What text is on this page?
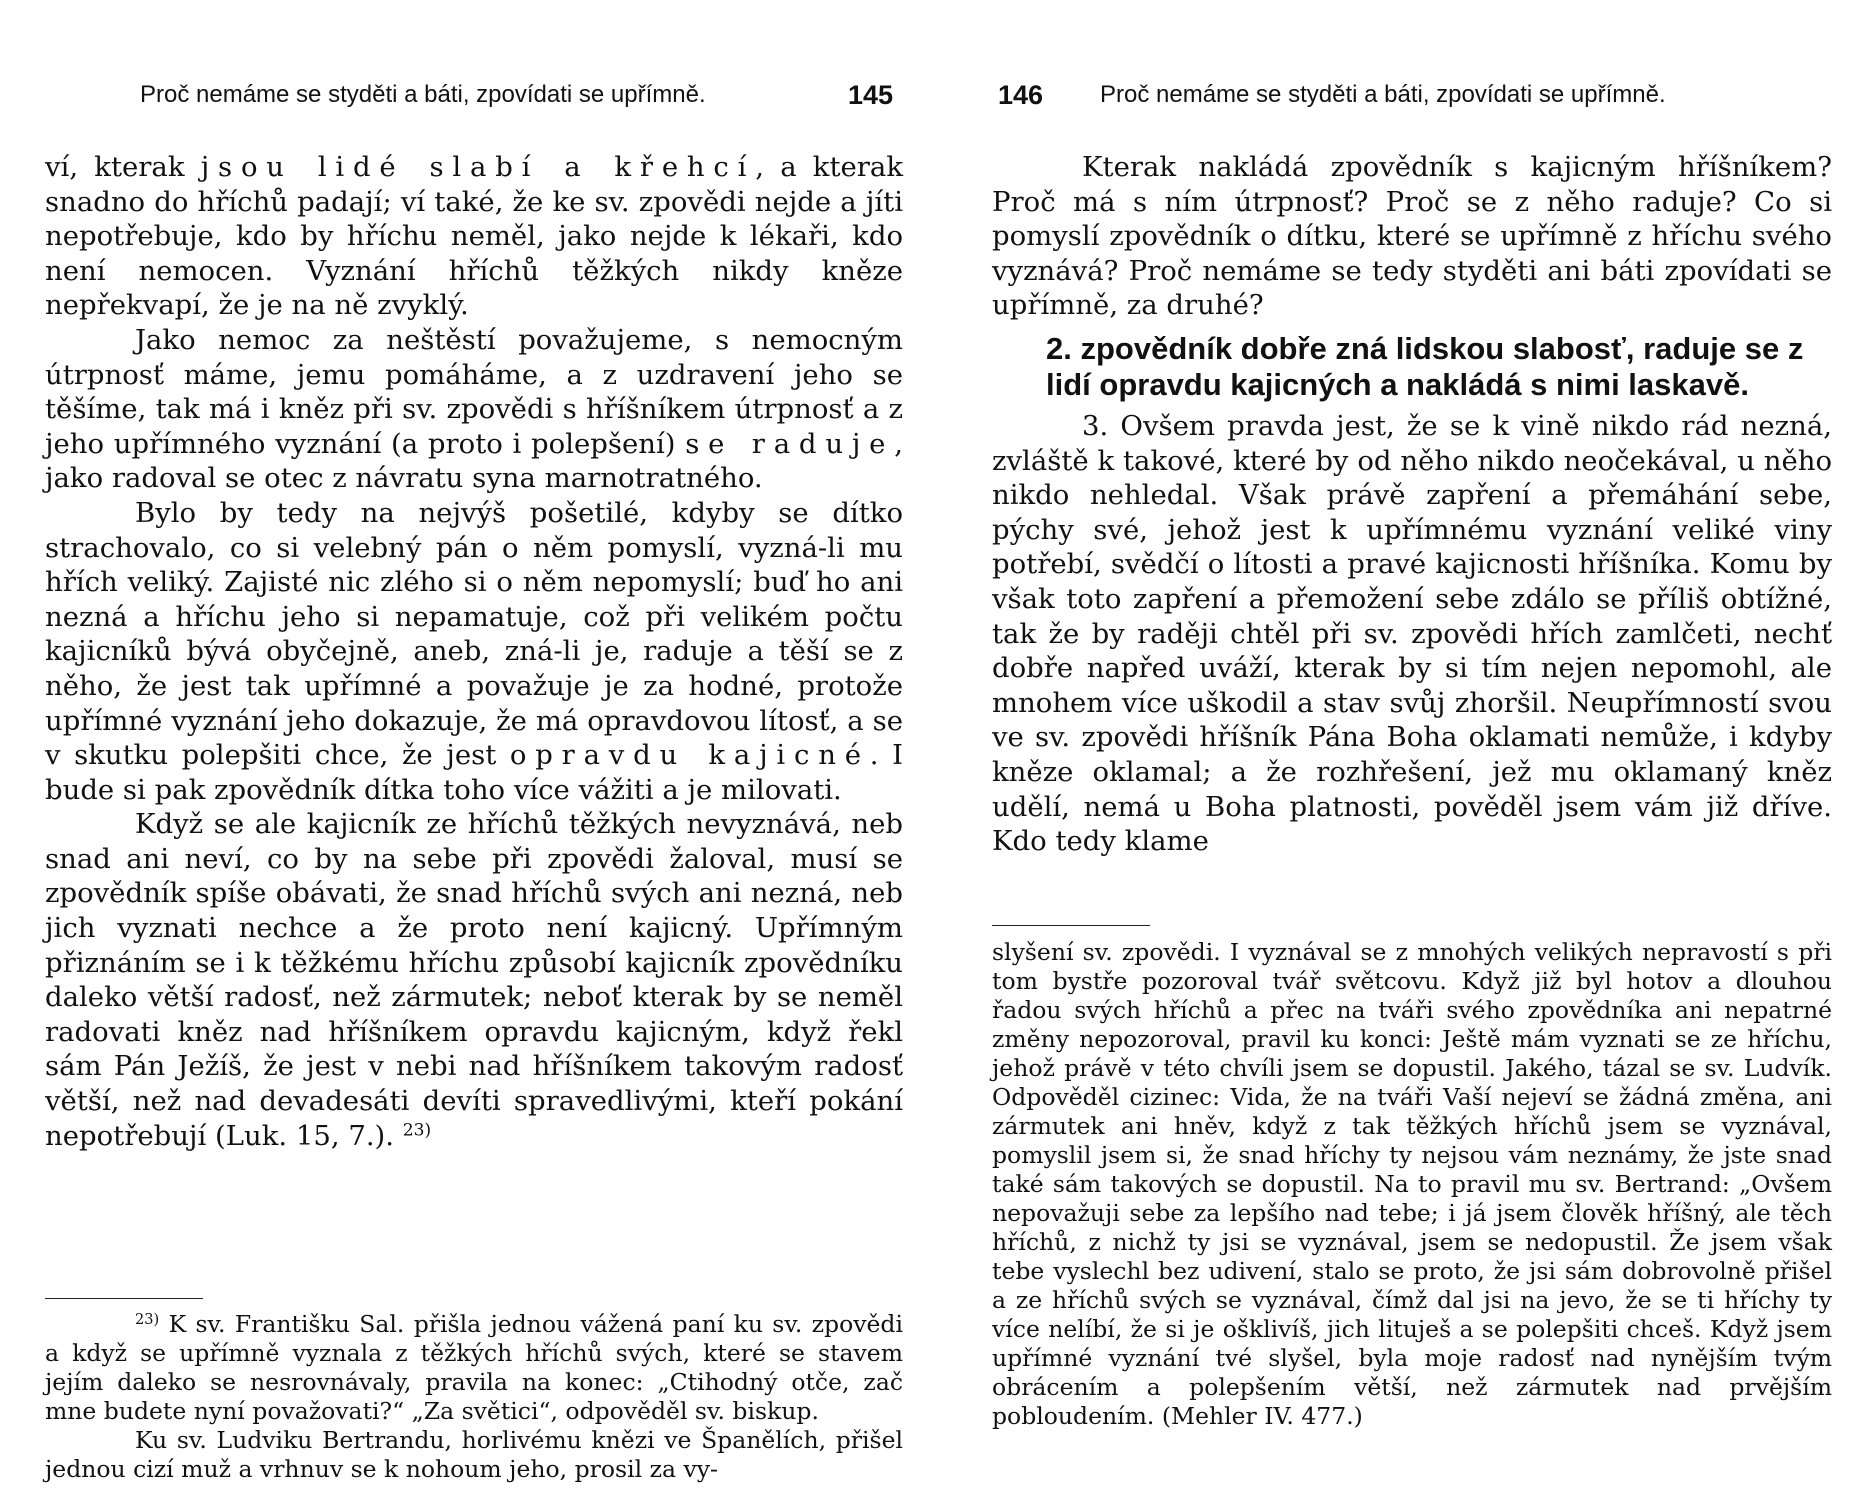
Proč nemáme se styděti a báti, zpovídati se upřímně.	145

ví, kterak jsou lidé slabí a křehcí, a kterak snadno do hříchů padají; ví také, že ke sv. zpovědi nejde a jíti nepotřebuje, kdo by hříchu neměl, jako nejde k lékaři, kdo není nemocen. Vyznání hříchů těžkých nikdy kněze nepřekvapí, že je na ně zvyklý.

Jako nemoc za neštěstí považujeme, s nemocným útrpnosť máme, jemu pomáháme, a z uzdravení jeho se těšíme, tak má i kněz při sv. zpovědi s hříšníkem útrpnosť a z jeho upřímného vyznání (a proto i polepšení) se raduje, jako radoval se otec z návratu syna marnotratného.

Bylo by tedy na nejvýš pošetilé, kdyby se dítko strachovalo, co si velebný pán o něm pomyslí, vyzná-li mu hřích veliký. Zajisté nic zlého si o něm nepomyslí; buď ho ani nezná a hříchu jeho si nepamatuje, což při velikém počtu kajicníků bývá obyčejně, aneb, zná-li je, raduje a těší se z něho, že jest tak upřímné a považuje je za hodné, protože upřímné vyznání jeho dokazuje, že má opravdovou lítosť, a se v skutku polepšiti chce, že jest opravdu kajicné. I bude si pak zpovědník dítka toho více vážiti a je milovati.

Když se ale kajicník ze hříchů těžkých nevyznává, neb snad ani neví, co by na sebe při zpovědi žaloval, musí se zpovědník spíše obávati, že snad hříchů svých ani nezná, neb jich vyznati nechce a že proto není kajicný. Upřímným přiznáním se i k těžkému hříchu způsobí kajicník zpovědníku daleko větší radosť, než zármutek; neboť kterak by se neměl radovati kněz nad hříšníkem opravdu kajicným, když řekl sám Pán Ježíš, že jest v nebi nad hříšníkem takovým radosť větší, než nad devadesáti devíti spravedlivými, kteří pokání nepotřebují (Luk. 15, 7.). $^{23)}$

$^{23)}$ K sv. Františku Sal. přišla jednou vážená paní ku sv. zpovědi a když se upřímně vyznala z těžkých hříchů svých, které se stavem jejím daleko se nesrovnávaly, pravila na konec: „Ctihodný otče, zač mne budete nyní považovati?“ „Za světici“, odpověděl sv. biskup.

Ku sv. Ludviku Bertrandu, horlivému knězi ve Španělích, přišel jednou cizí muž a vrhnuv se k nohoum jeho, prosil za vy-

146 Proč nemáme se styděti a báti, zpovídati se upřímně.

Kterak nakládá zpovědník s kajicným hříšníkem? Proč má s ním útrpnosť? Proč se z něho raduje? Co si pomyslí zpovědník o dítku, které se upřímně z hříchu svého vyznává? Proč nemáme se tedy styděti ani báti zpovídati se upřímně, za druhé?

2. zpovědník dobře zná lidskou slabosť, raduje se z lidí opravdu kajicných a nakládá s nimi laskavě.

3. Ovšem pravda jest, že se k vině nikdo rád nezná, zvláště k takové, které by od něho nikdo neočekával, u něho nikdo nehledal. Však právě zapření a přemáhání sebe, pýchy své, jehož jest k upřímnému vyznání veliké viny potřebí, svědčí o lítosti a pravé kajicnosti hříšníka. Komu by však toto zapření a přemožení sebe zdálo se příliš obtížné, tak že by raději chtěl při sv. zpovědi hřích zamlčeti, nechť dobře napřed uváží, kterak by si tím nejen nepomohl, ale mnohem více uškodil a stav svůj zhoršil. Neupřímností svou ve sv. zpovědi hříšník Pána Boha oklamati nemůže, i kdyby kněze oklamal; a že rozhřešení, jež mu oklamaný kněz udělí, nemá u Boha platnosti, pověděl jsem vám již dříve. Kdo tedy klame

slyšení sv. zpovědi. I vyznával se z mnohých velikých nepravostí s při tom bystře pozoroval tvář světcovu. Když již byl hotov a dlouhou řadou svých hříchů a přec na tváři svého zpovědníka ani nepatrné změny nepozoroval, pravil ku konci: Ještě mám vyznati se ze hříchu, jehož právě v této chvíli jsem se dopustil. Jakého, tázal se sv. Ludvík. Odpověděl cizinec: Vida, že na tváři Vaší nejeví se žádná změna, ani zármutek ani hněv, když z tak těžkých hříchů jsem se vyznával, pomyslil jsem si, že snad hříchy ty nejsou vám neznámy, že jste snad také sám takových se dopustil. Na to pravil mu sv. Bertrand: „Ovšem nepovažuji sebe za lepšího nad tebe; i já jsem člověk hříšný, ale těch hříchů, z nichž ty jsi se vyznával, jsem se nedopustil. Že jsem však tebe vyslechl bez udivení, stalo se proto, že jsi sám dobrovolně přišel a ze hříchů svých se vyznával, čímž dal jsi na jevo, že se ti hříchy ty více nelíbí, že si je ošklivíš, jich lituješ a se polepšiti chceš. Když jsem upřímné vyznání tvé slyšel, byla moje radosť nad nynějším tvým obrácením a polepšením větší, než zármutek nad prvějším pobloudením. (Mehler IV. 477.)
